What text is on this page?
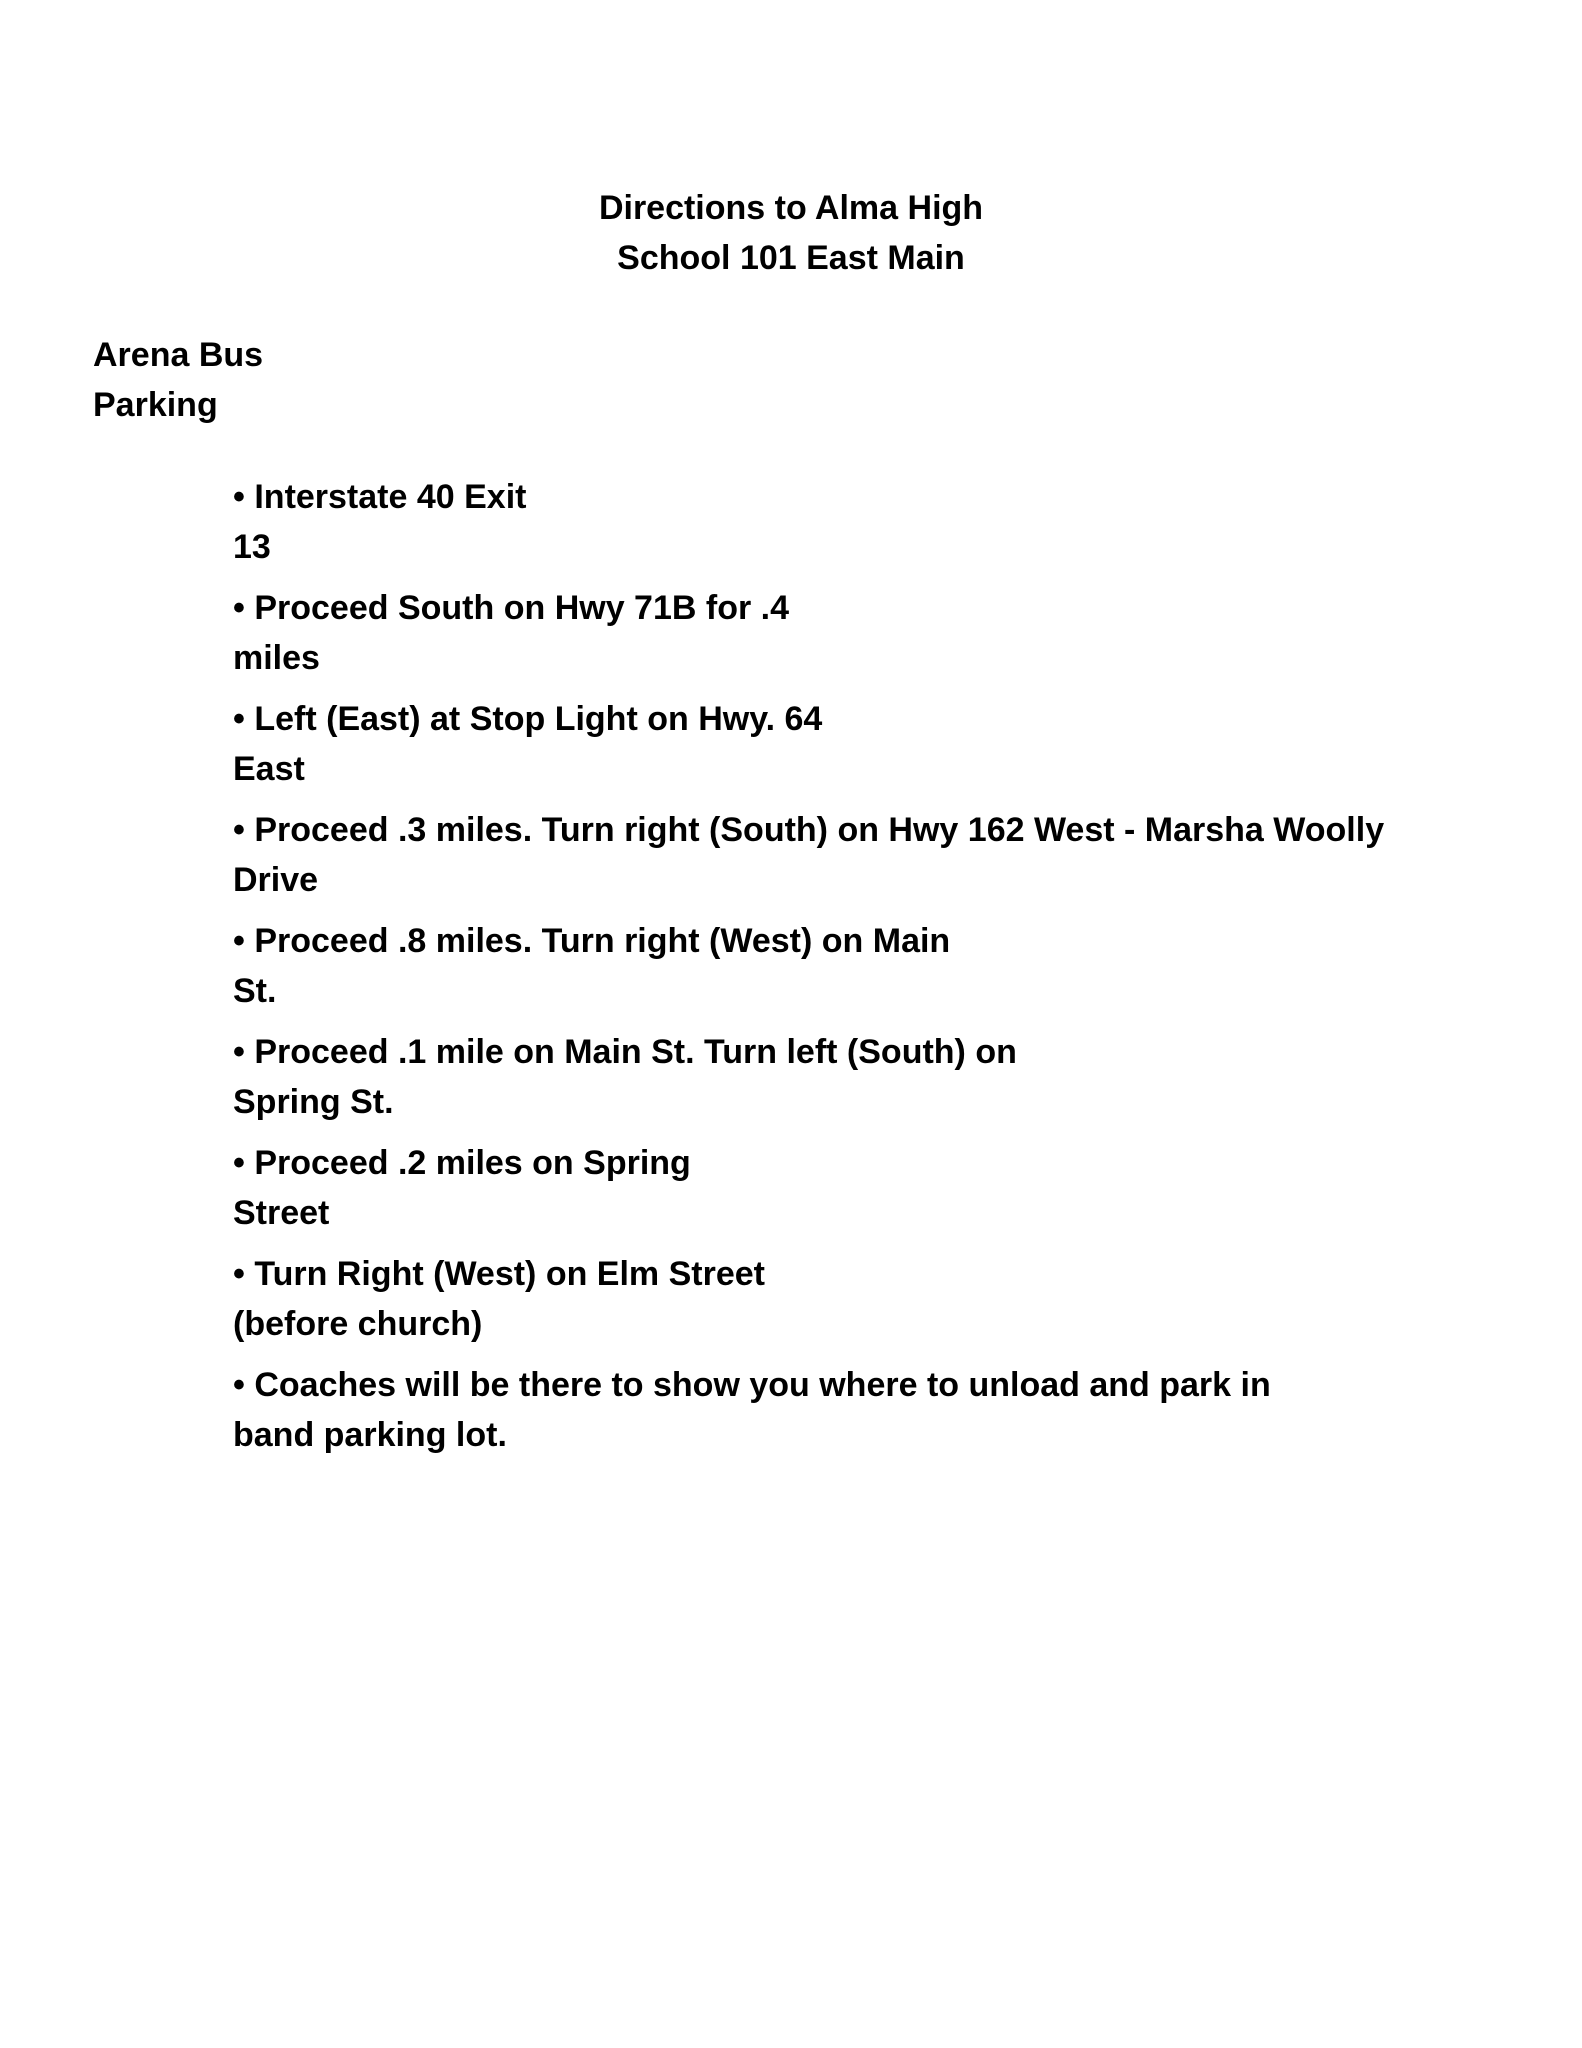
Directions to Alma High
School 101 East Main
Arena Bus
Parking
• Interstate 40 Exit
13
• Proceed South on Hwy 71B for .4
miles
• Left (East) at Stop Light on Hwy. 64
East
• Proceed .3 miles. Turn right (South) on Hwy 162 West - Marsha Woolly
Drive
• Proceed .8 miles. Turn right (West) on Main
St.
• Proceed .1 mile on Main St. Turn left (South) on
Spring St.
• Proceed .2 miles on Spring
Street
• Turn Right (West) on Elm Street
(before church)
• Coaches will be there to show you where to unload and park in
band parking lot.
